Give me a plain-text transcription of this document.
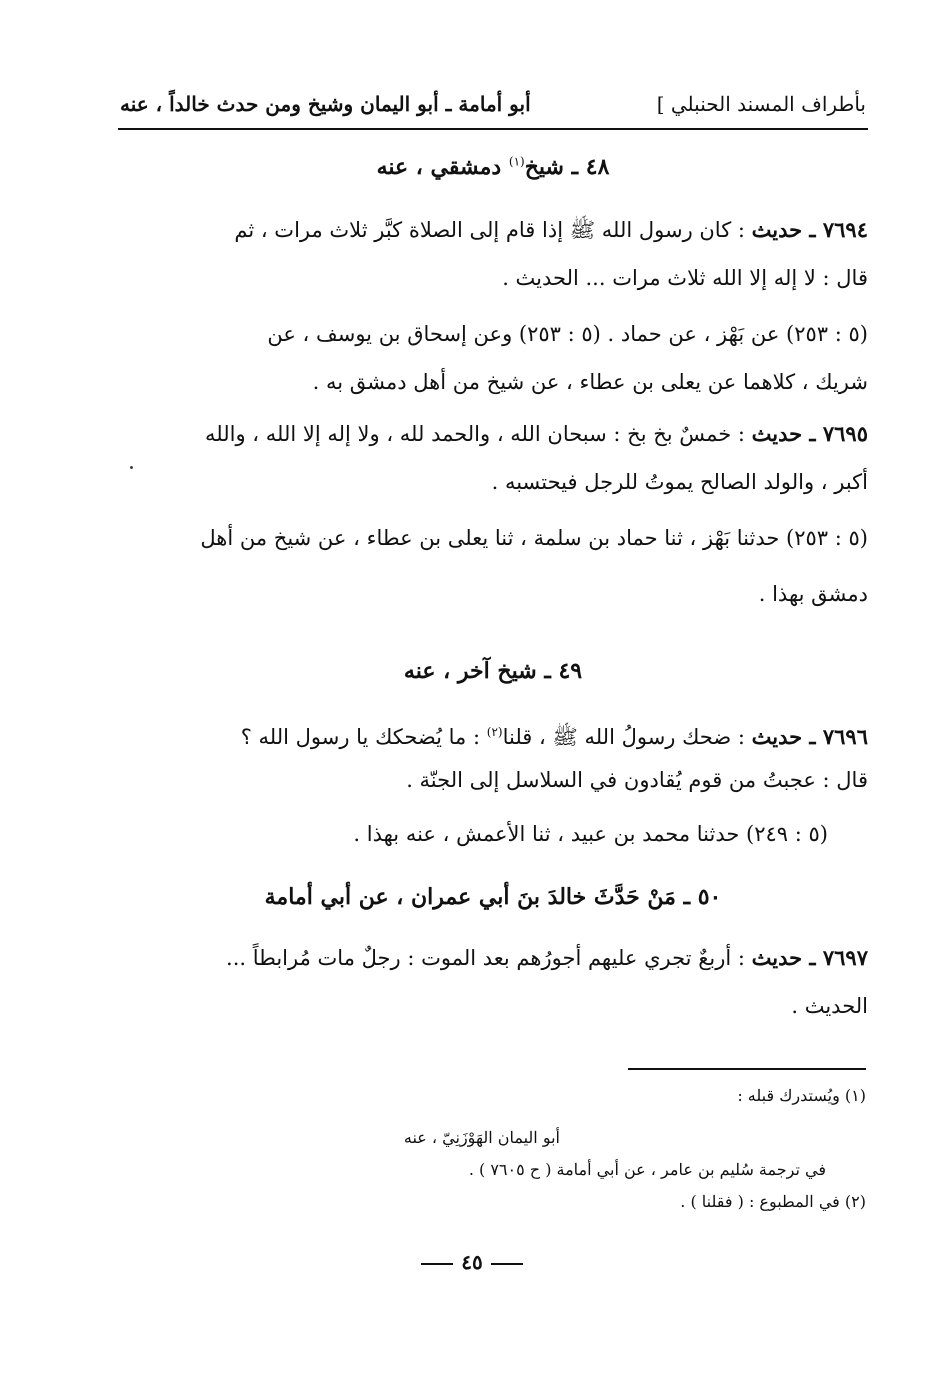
بأطراف المسند الحنبلي ]
أبو أمامة ـ أبو اليمان وشيخ ومن حدث خالداً ، عنه
٤٨ ـ شيخ$^{(١)}$ دمشقي ، عنه
٧٦٩٤ ـ حديث : كان رسول الله ﷺ إذا قام إلى الصلاة كبَّر ثلاث مرات ، ثم
قال : لا إله إلا الله ثلاث مرات ... الحديث .
(٥ : ٢٥٣) عن بَهْز ، عن حماد . (٥ : ٢٥٣) وعن إسحاق بن يوسف ، عن
شريك ، كلاهما عن يعلى بن عطاء ، عن شيخ من أهل دمشق به .
٧٦٩٥ ـ حديث : خمسٌ بخ بخ : سبحان الله ، والحمد لله ، ولا إله إلا الله ، والله
أكبر ، والولد الصالح يموتُ للرجل فيحتسبه .
(٥ : ٢٥٣) حدثنا بَهْز ، ثنا حماد بن سلمة ، ثنا يعلى بن عطاء ، عن شيخ من أهل
دمشق بهذا .
٤٩ ـ شيخ آخر ، عنه
٧٦٩٦ ـ حديث : ضحك رسولُ الله ﷺ ، قلنا$^{(٢)}$ : ما يُضحكك يا رسول الله ؟
قال : عجبتُ من قوم يُقادون في السلاسل إلى الجنّة .
(٥ : ٢٤٩) حدثنا محمد بن عبيد ، ثنا الأعمش ، عنه بهذا .
٥٠ ـ مَنْ حَدَّثَ خالدَ بنَ أبي عمران ، عن أبي أمامة
٧٦٩٧ ـ حديث : أربعٌ تجري عليهم أجورُهم بعد الموت : رجلٌ مات مُرابطاً ...
الحديث .
(١) ويُستدرك قبله :
أبو اليمان الهَوْزَنِيّ ، عنه
في ترجمة سُليم بن عامر ، عن أبي أمامة ( ح ٧٦٠٥ ) .
(٢) في المطبوع : ( فقلنا ) .
٤٥
